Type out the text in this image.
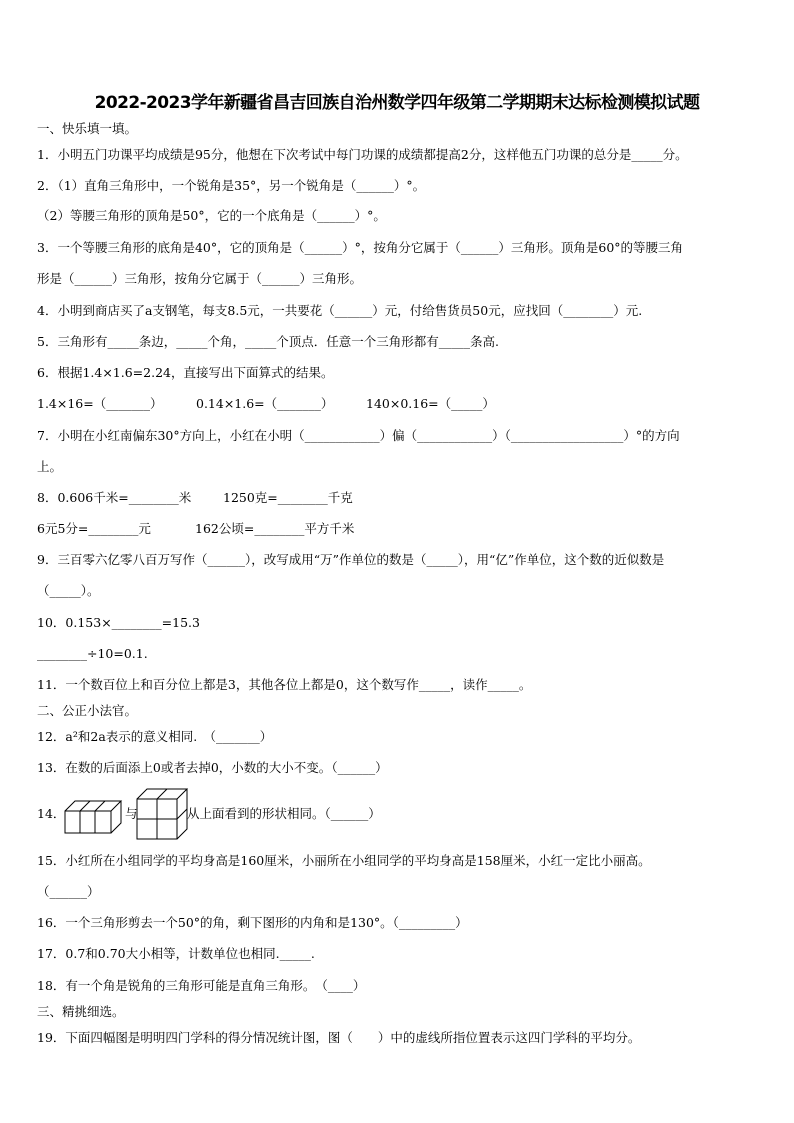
2022-2023学年新疆省昌吉回族自治州数学四年级第二学期期末达标检测模拟试题
一、快乐填一填。
1．小明五门功课平均成绩是95分，他想在下次考试中每门功课的成绩都提高2分，这样他五门功课的总分是_____分。
2．（1）直角三角形中，一个锐角是35°，另一个锐角是（______）°。
（2）等腰三角形的顶角是50°，它的一个底角是（______）°。
3．一个等腰三角形的底角是40°，它的顶角是（______）°，按角分它属于（______）三角形。顶角是60°的等腰三角
形是（______）三角形，按角分它属于（______）三角形。
4．小明到商店买了a支钢笔，每支8.5元，一共要花（______）元，付给售货员50元，应找回（________）元.
5．三角形有_____条边，_____个角，_____个顶点．任意一个三角形都有_____条高.
6．根据1.4×1.6=2.24，直接写出下面算式的结果。
1.4×16=（_______）	0.14×1.6=（_______）	140×0.16=（_____）
7．小明在小红南偏东30°方向上，小红在小明（____________）偏（____________）（__________________）°的方向
上。
8．0.606千米=________米	1250克=________千克
6元5分=________元	162公顷=________平方千米
9．三百零六亿零八百万写作（______），改写成用“万”作单位的数是（_____），用“亿”作单位，这个数的近似数是
（_____）。
10．0.153×________=15.3
________÷10=0.1.
11．一个数百位上和百分位上都是3，其他各位上都是0，这个数写作_____，读作_____。
二、公正小法官。
12．a²和2a表示的意义相同.　（_______）
13．在数的后面添上0或者去掉0，小数的大小不变。（______）
14．	与	从上面看到的形状相同。（______）
15．小红所在小组同学的平均身高是160厘米，小丽所在小组同学的平均身高是158厘米，小红一定比小丽高。
（______）
16．一个三角形剪去一个50°的角，剩下图形的内角和是130°。（_________）
17．0.7和0.70大小相等，计数单位也相同._____.
18．有一个角是锐角的三角形可能是直角三角形。　（____）
三、精挑细选。
19．下面四幅图是明明四门学科的得分情况统计图，图（　　）中的虚线所指位置表示这四门学科的平均分。
